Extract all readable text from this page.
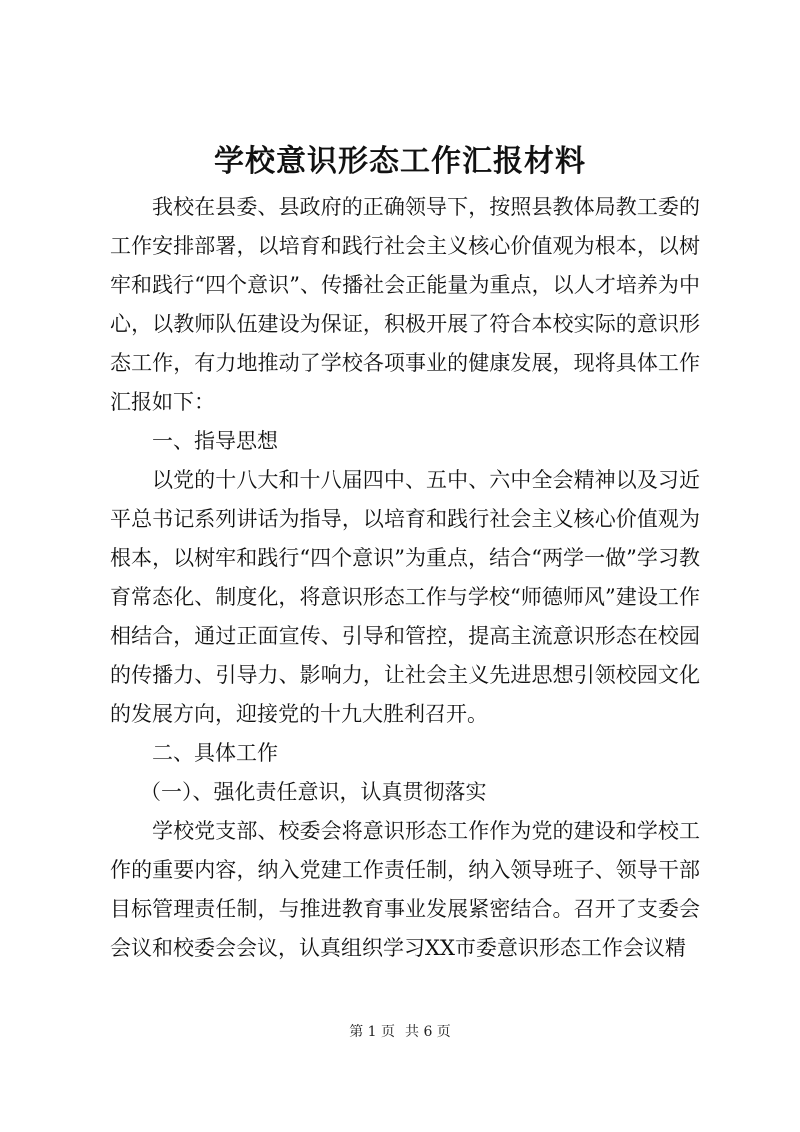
学校意识形态工作汇报材料

我校在县委、县政府的正确领导下，按照县教体局教工委的工作安排部署，以培育和践行社会主义核心价值观为根本，以树牢和践行“四个意识”、传播社会正能量为重点，以人才培养为中心，以教师队伍建设为保证，积极开展了符合本校实际的意识形态工作，有力地推动了学校各项事业的健康发展，现将具体工作汇报如下：

一、指导思想

以党的十八大和十八届四中、五中、六中全会精神以及习近平总书记系列讲话为指导，以培育和践行社会主义核心价值观为根本，以树牢和践行“四个意识”为重点，结合“两学一做”学习教育常态化、制度化，将意识形态工作与学校“师德师风”建设工作相结合，通过正面宣传、引导和管控，提高主流意识形态在校园的传播力、引导力、影响力，让社会主义先进思想引领校园文化的发展方向，迎接党的十九大胜利召开。

二、具体工作

（一）、强化责任意识，认真贯彻落实

学校党支部、校委会将意识形态工作作为党的建设和学校工作的重要内容，纳入党建工作责任制，纳入领导班子、领导干部目标管理责任制，与推进教育事业发展紧密结合。召开了支委会会议和校委会会议，认真组织学习XX市委意识形态工作会议精

第 1 页 共 6 页
